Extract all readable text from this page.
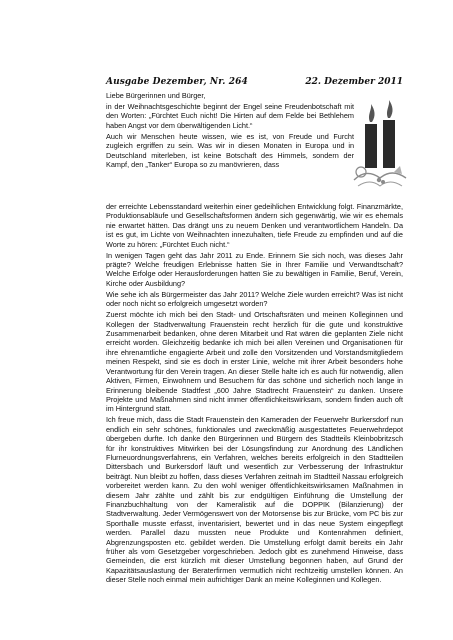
Ausgabe Dezember, Nr. 264	22. Dezember 2011

Liebe Bürgerinnen und Bürger,

in der Weihnachtsgeschichte beginnt der Engel seine Freudenbotschaft mit den Worten: „Fürchtet Euch nicht! Die Hirten auf dem Felde bei Bethlehem haben Angst vor dem überwältigenden Licht.“

Auch wir Menschen heute wissen, wie es ist, von Freude und Furcht zugleich ergriffen zu sein. Was wir in diesen Monaten in Europa und in Deutschland miterleben, ist keine Botschaft des Himmels, sondern der Kampf, den „Tanker“ Europa so zu manövrieren, dass

der erreichte Lebensstandard weiterhin einer gedeihlichen Entwicklung folgt. Finanzmärkte, Produktionsabläufe und Gesellschaftsformen ändern sich gegenwärtig, wie wir es ehemals nie erwartet hätten. Das drängt uns zu neuem Denken und verantwortlichem Handeln. Da ist es gut, im Lichte von Weihnachten innezuhalten, tiefe Freude zu empfinden und auf die Worte zu hören: „Fürchtet Euch nicht.“

In wenigen Tagen geht das Jahr 2011 zu Ende. Erinnern Sie sich noch, was dieses Jahr prägte? Welche freudigen Erlebnisse hatten Sie in Ihrer Familie und Verwandtschaft? Welche Erfolge oder Herausforderungen hatten Sie zu bewältigen in Familie, Beruf, Verein, Kirche oder Ausbildung?

Wie sehe ich als Bürgermeister das Jahr 2011? Welche Ziele wurden erreicht? Was ist nicht oder noch nicht so erfolgreich umgesetzt worden?

Zuerst möchte ich mich bei den Stadt- und Ortschaftsräten und meinen Kolleginnen und Kollegen der Stadtverwaltung Frauenstein recht herzlich für die gute und konstruktive Zusammenarbeit bedanken, ohne deren Mitarbeit und Rat wären die geplanten Ziele nicht erreicht worden. Gleichzeitig bedanke ich mich bei allen Vereinen und Organisationen für ihre ehrenamtliche engagierte Arbeit und zolle den Vorsitzenden und Vorstandsmitgliedern meinen Respekt, sind sie es doch in erster Linie, welche mit ihrer Arbeit besonders hohe Verantwortung für den Verein tragen. An dieser Stelle halte ich es auch für notwendig, allen Aktiven, Firmen, Einwohnern und Besuchern für das schöne und sicherlich noch lange in Erinnerung bleibende Stadtfest „600 Jahre Stadtrecht Frauenstein“ zu danken. Unsere Projekte und Maßnahmen sind nicht immer öffentlichkeitswirksam, sondern finden auch oft im Hintergrund statt.

Ich freue mich, dass die Stadt Frauenstein den Kameraden der Feuerwehr Burkersdorf nun endlich ein sehr schönes, funktionales und zweckmäßig ausgestattetes Feuerwehrdepot übergeben durfte. Ich danke den Bürgerinnen und Bürgern des Stadtteils Kleinbobritzsch für ihr konstruktives Mitwirken bei der Lösungsfindung zur Anordnung des Ländlichen Flurneuordnungsverfahrens, ein Verfahren, welches bereits erfolgreich in den Stadtteilen Dittersbach und Burkersdorf läuft und wesentlich zur Verbesserung der Infrastruktur beiträgt. Nun bleibt zu hoffen, dass dieses Verfahren zeitnah im Stadtteil Nassau erfolgreich vorbereitet werden kann. Zu den wohl weniger öffentlichkeitswirksamen Maßnahmen in diesem Jahr zählte und zählt bis zur endgültigen Einführung die Umstellung der Finanzbuchhaltung von der Kameralistik auf die DOPPIK (Bilanzierung) der Stadtverwaltung. Jeder Vermögenswert von der Motorsense bis zur Brücke, vom PC bis zur Sporthalle musste erfasst, inventarisiert, bewertet und in das neue System eingepflegt werden. Parallel dazu mussten neue Produkte und Kontenrahmen definiert, Abgrenzungsposten etc. gebildet werden. Die Umstellung erfolgt damit bereits ein Jahr früher als vom Gesetzgeber vorgeschrieben. Jedoch gibt es zunehmend Hinweise, dass Gemeinden, die erst kürzlich mit dieser Umstellung begonnen haben, auf Grund der Kapazitätsauslastung der Beraterfirmen vermutlich nicht rechtzeitig umstellen können. An dieser Stelle noch einmal mein aufrichtiger Dank an meine Kolleginnen und Kollegen.
